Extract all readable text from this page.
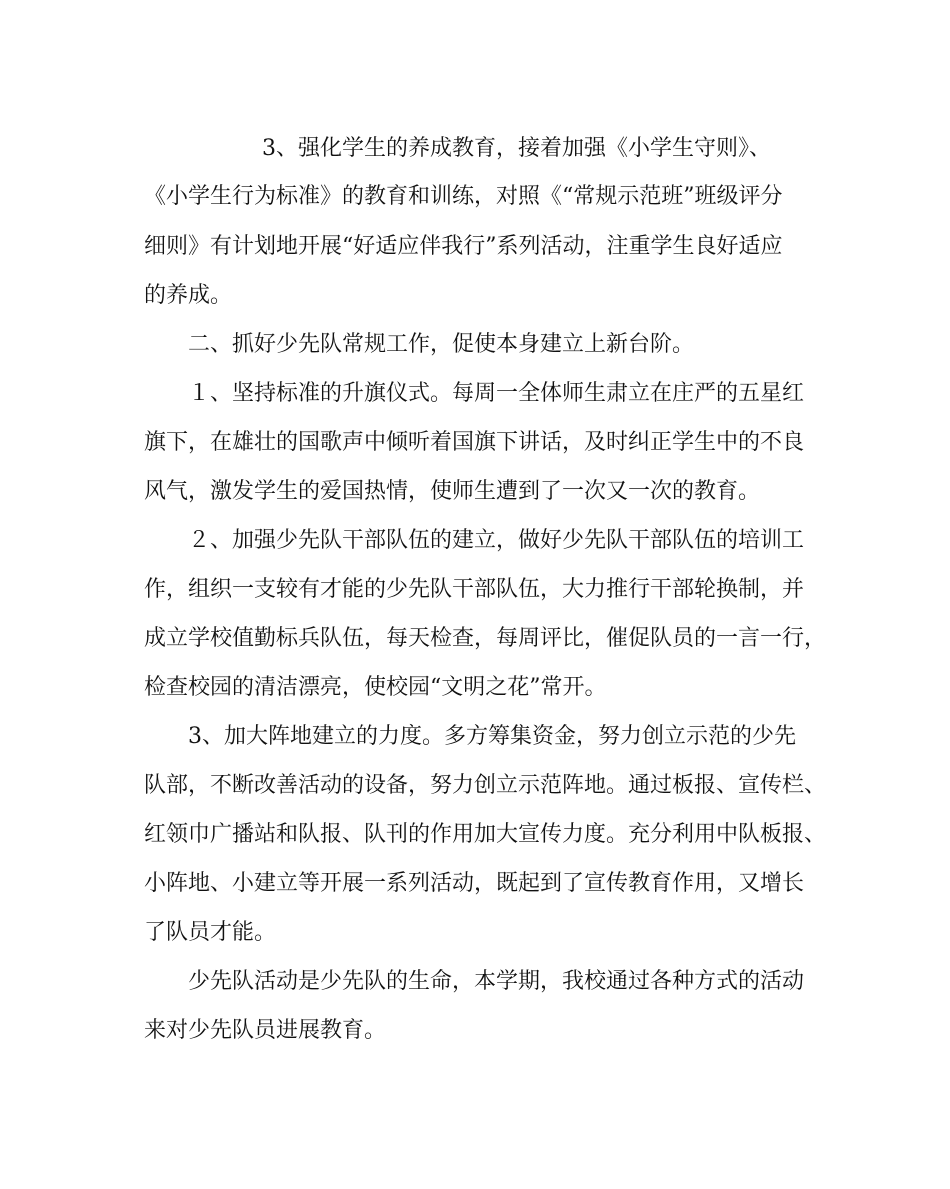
3、强化学生的养成教育，接着加强《小学生守则》、
《小学生行为标准》的教育和训练，对照《“常规示范班”班级评分
细则》有计划地开展“好适应伴我行”系列活动，注重学生良好适应
的养成。
二、抓好少先队常规工作，促使本身建立上新台阶。
１、坚持标准的升旗仪式。每周一全体师生肃立在庄严的五星红
旗下，在雄壮的国歌声中倾听着国旗下讲话，及时纠正学生中的不良
风气，激发学生的爱国热情，使师生遭到了一次又一次的教育。
２、加强少先队干部队伍的建立，做好少先队干部队伍的培训工
作，组织一支较有才能的少先队干部队伍，大力推行干部轮换制，并
成立学校值勤标兵队伍，每天检查，每周评比，催促队员的一言一行，
检查校园的清洁漂亮，使校园“文明之花”常开。
3、加大阵地建立的力度。多方筹集资金，努力创立示范的少先
队部，不断改善活动的设备，努力创立示范阵地。通过板报、宣传栏、
红领巾广播站和队报、队刊的作用加大宣传力度。充分利用中队板报、
小阵地、小建立等开展一系列活动，既起到了宣传教育作用，又增长
了队员才能。
少先队活动是少先队的生命，本学期，我校通过各种方式的活动
来对少先队员进展教育。
